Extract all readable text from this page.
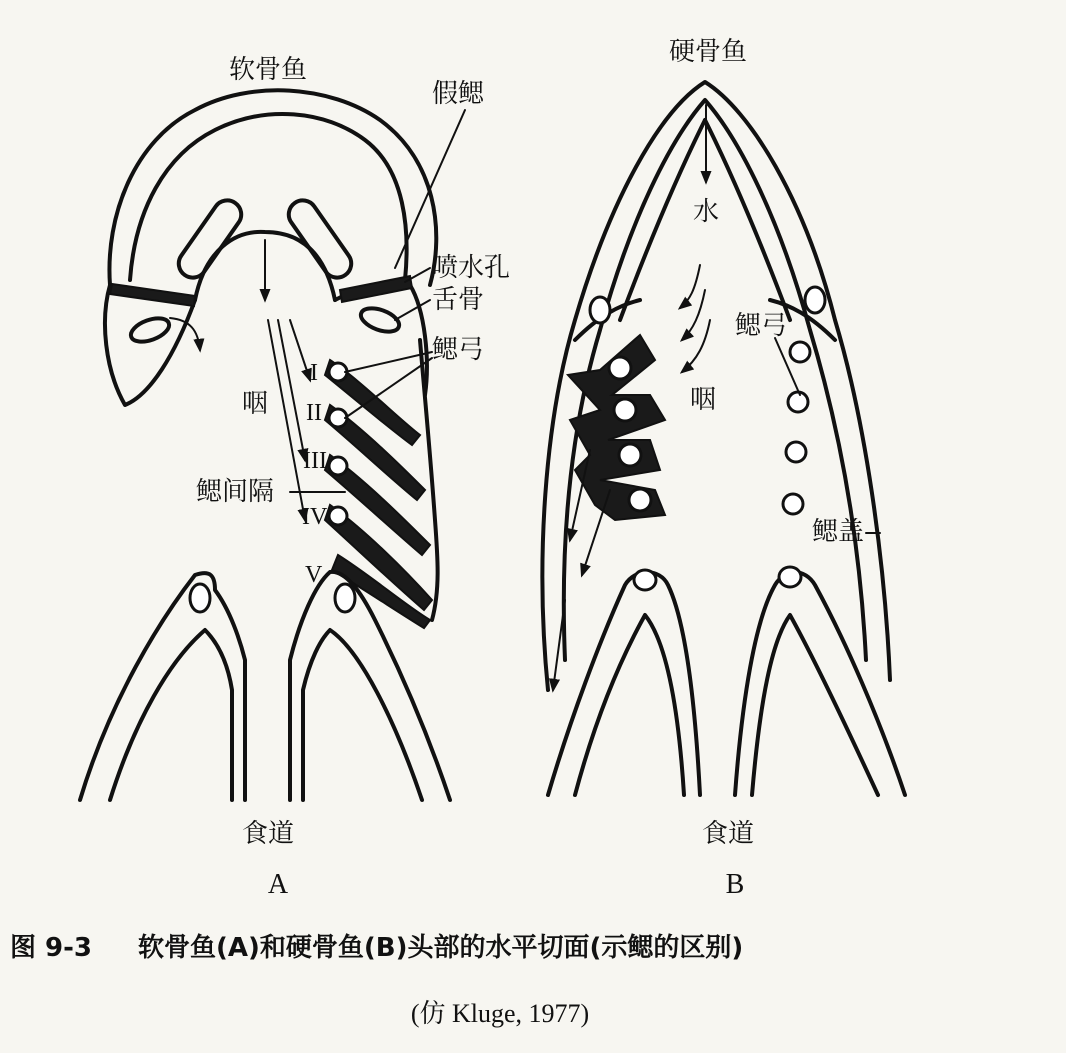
软骨鱼
假鳃
喷水孔
舌骨
鳃弓
咽
鳃间隔
I
II
III
IV
V
食道
A
硬骨鱼
水
鳃弓
咽
鳃盖
食道
B
图 9-3 软骨鱼(A)和硬骨鱼(B)头部的水平切面(示鳃的区别)
(仿 Kluge, 1977)
